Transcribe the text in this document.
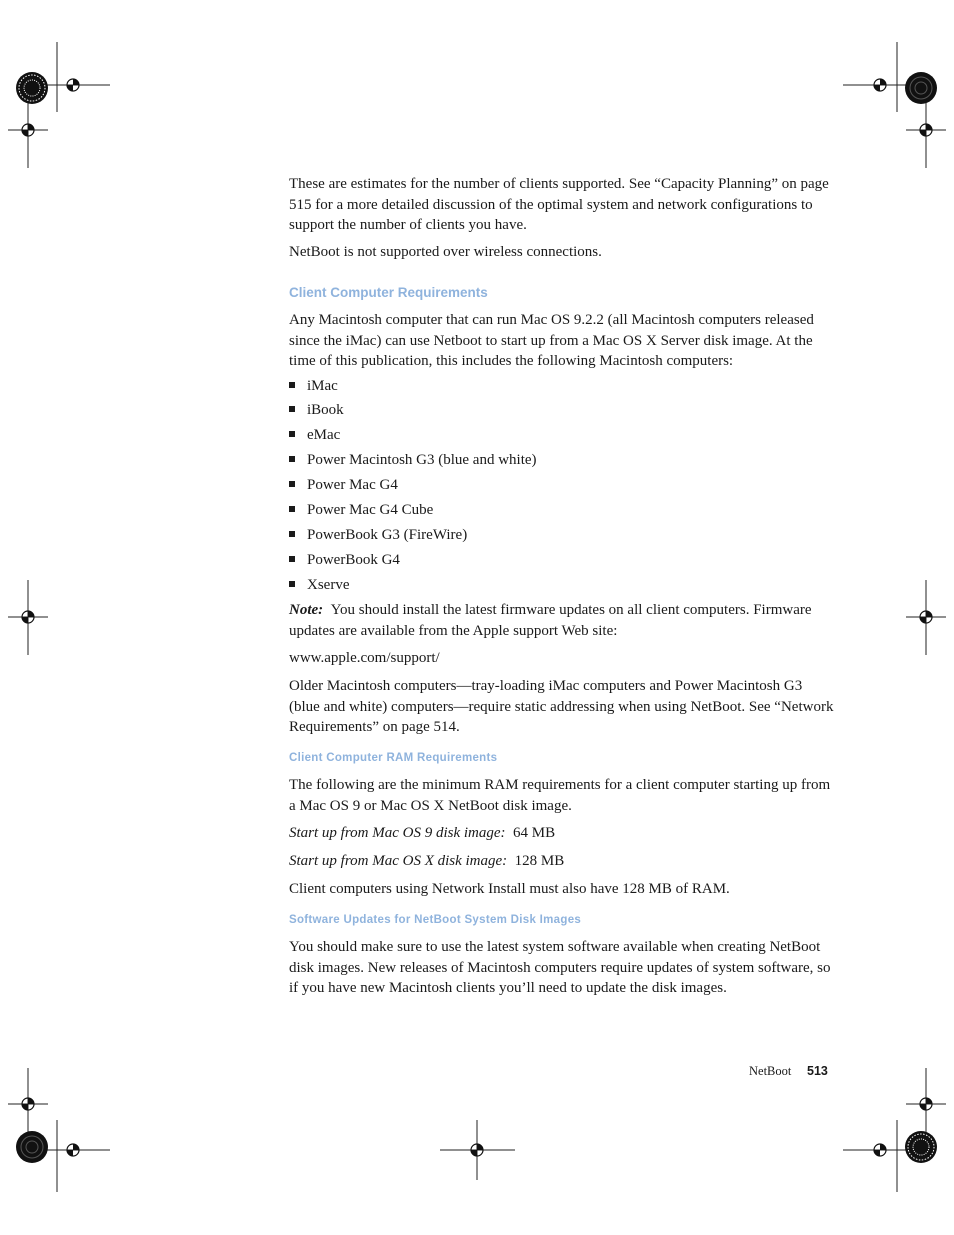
These are estimates for the number of clients supported. See “Capacity Planning” on page 515 for a more detailed discussion of the optimal system and network configurations to support the number of clients you have.

NetBoot is not supported over wireless connections.

Client Computer Requirements

Any Macintosh computer that can run Mac OS 9.2.2 (all Macintosh computers released since the iMac) can use Netboot to start up from a Mac OS X Server disk image. At the time of this publication, this includes the following Macintosh computers:

iMac
iBook
eMac
Power Macintosh G3 (blue and white)
Power Mac G4
Power Mac G4 Cube
PowerBook G3 (FireWire)
PowerBook G4
Xserve

Note: You should install the latest firmware updates on all client computers. Firmware updates are available from the Apple support Web site:

www.apple.com/support/

Older Macintosh computers—tray-loading iMac computers and Power Macintosh G3 (blue and white) computers—require static addressing when using NetBoot. See “Network Requirements” on page 514.

Client Computer RAM Requirements

The following are the minimum RAM requirements for a client computer starting up from a Mac OS 9 or Mac OS X NetBoot disk image.

Start up from Mac OS 9 disk image: 64 MB

Start up from Mac OS X disk image: 128 MB

Client computers using Network Install must also have 128 MB of RAM.

Software Updates for NetBoot System Disk Images

You should make sure to use the latest system software available when creating NetBoot disk images. New releases of Macintosh computers require updates of system software, so if you have new Macintosh clients you’ll need to update the disk images.

NetBoot 513
